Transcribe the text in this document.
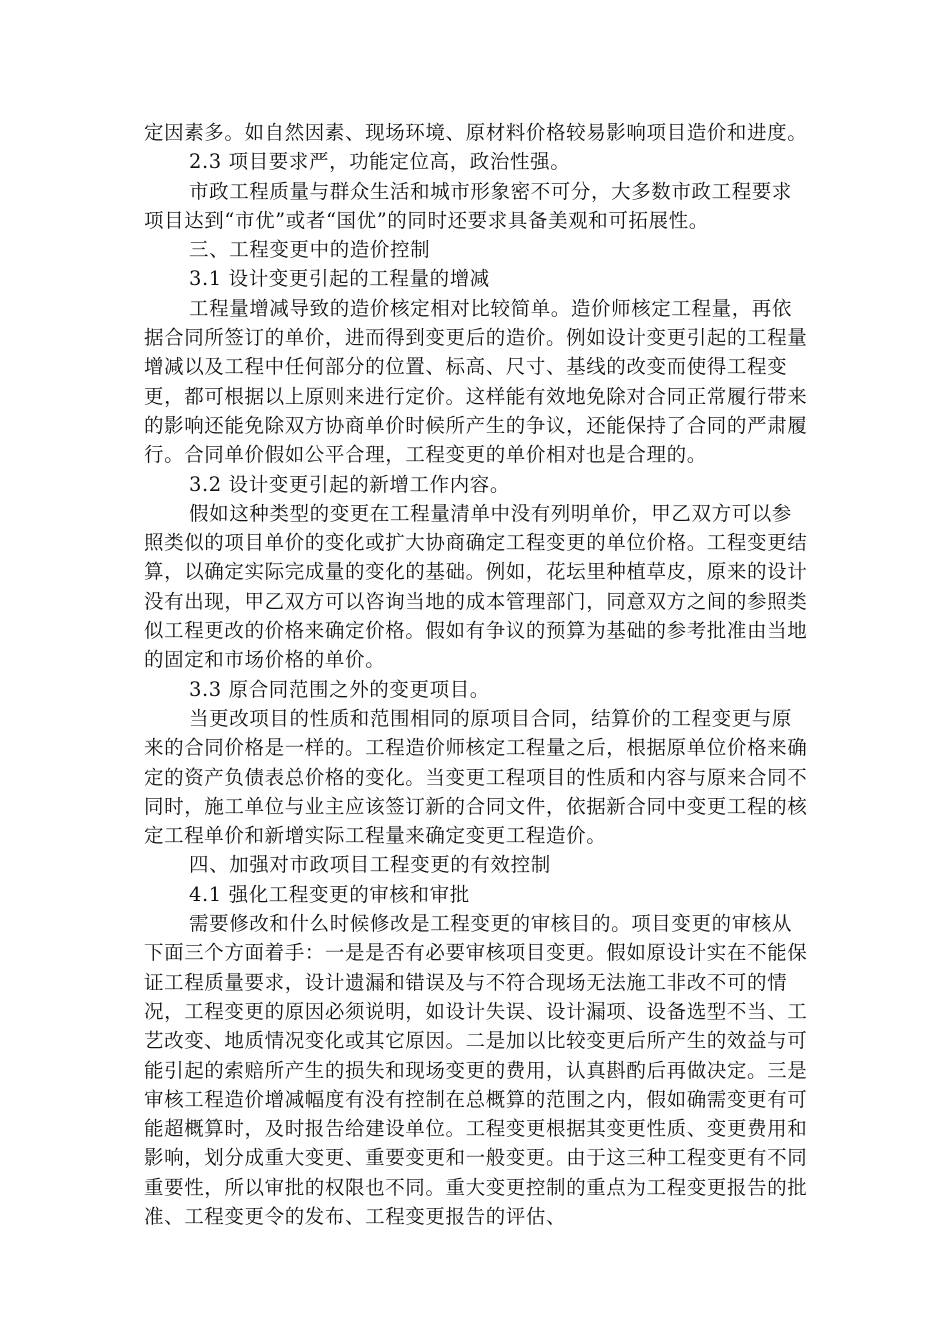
定因素多。如自然因素、现场环境、原材料价格较易影响项目造价和进度。

2.3 项目要求严，功能定位高，政治性强。

市政工程质量与群众生活和城市形象密不可分，大多数市政工程要求项目达到“市优”或者“国优”的同时还要求具备美观和可拓展性。

三、工程变更中的造价控制

3.1 设计变更引起的工程量的增减

工程量增减导致的造价核定相对比较简单。造价师核定工程量，再依据合同所签订的单价，进而得到变更后的造价。例如设计变更引起的工程量增减以及工程中任何部分的位置、标高、尺寸、基线的改变而使得工程变更，都可根据以上原则来进行定价。这样能有效地免除对合同正常履行带来的影响还能免除双方协商单价时候所产生的争议，还能保持了合同的严肃履行。合同单价假如公平合理，工程变更的单价相对也是合理的。

3.2 设计变更引起的新增工作内容。

假如这种类型的变更在工程量清单中没有列明单价，甲乙双方可以参照类似的项目单价的变化或扩大协商确定工程变更的单位价格。工程变更结算，以确定实际完成量的变化的基础。例如，花坛里种植草皮，原来的设计没有出现，甲乙双方可以咨询当地的成本管理部门，同意双方之间的参照类似工程更改的价格来确定价格。假如有争议的预算为基础的参考批准由当地的固定和市场价格的单价。

3.3 原合同范围之外的变更项目。

当更改项目的性质和范围相同的原项目合同，结算价的工程变更与原来的合同价格是一样的。工程造价师核定工程量之后，根据原单位价格来确定的资产负债表总价格的变化。当变更工程项目的性质和内容与原来合同不同时，施工单位与业主应该签订新的合同文件，依据新合同中变更工程的核定工程单价和新增实际工程量来确定变更工程造价。

四、加强对市政项目工程变更的有效控制

4.1 强化工程变更的审核和审批

需要修改和什么时候修改是工程变更的审核目的。项目变更的审核从下面三个方面着手：一是是否有必要审核项目变更。假如原设计实在不能保证工程质量要求，设计遗漏和错误及与不符合现场无法施工非改不可的情况，工程变更的原因必须说明，如设计失误、设计漏项、设备选型不当、工艺改变、地质情况变化或其它原因。二是加以比较变更后所产生的效益与可能引起的索赔所产生的损失和现场变更的费用，认真斟酌后再做决定。三是审核工程造价增减幅度有没有控制在总概算的范围之内，假如确需变更有可能超概算时，及时报告给建设单位。工程变更根据其变更性质、变更费用和影响，划分成重大变更、重要变更和一般变更。由于这三种工程变更有不同重要性，所以审批的权限也不同。重大变更控制的重点为工程变更报告的批准、工程变更令的发布、工程变更报告的评估、
